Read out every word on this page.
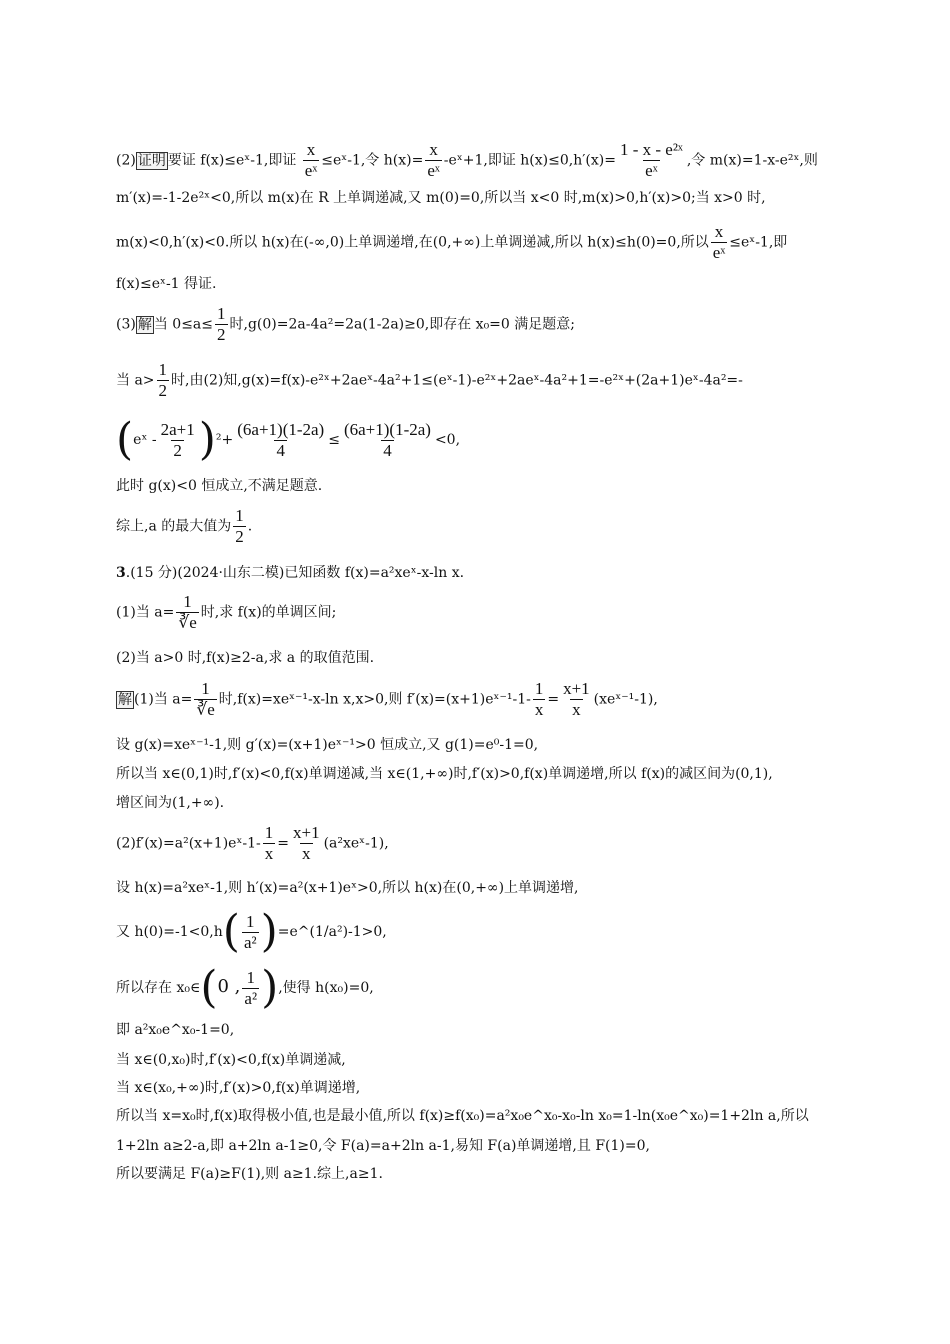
(2) 证明 要证 f(x)≤eˣ-1,即证 $\frac{x}{\text{eˣ}}$ ≤eˣ-1,令 $h(x)= \frac{x}{\text{eˣ}}$ -eˣ+1,即证 $h(x)\le 0,h'(x)= \frac{\text{1 - x - e²ˣ}}{\text{eˣ}}$ ,令 m(x)=1-x-e²ˣ,则
m′(x)=-1-2e²ˣ<0,所以 m(x)在 R 上单调递减,又 m(0)=0,所以当 x<0 时,m(x)>0,h′(x)>0;当 x>0 时,
m(x)<0,h′(x)<0.所以 h(x)在(-∞,0)上单调递增,在(0,+∞)上单调递减,所以 h(x)≤h(0)=0,所以 $\frac{x}{\text{eˣ}}$ ≤eˣ-1,即
f(x)≤eˣ-1 得证.
(3) 解 当 $0\le a\le \frac{1}{2}$ 时,g(0)=2a-4a²=2a(1-2a)≥0,即存在 x₀=0 满足题意;
当 $a> \frac{1}{2}$ 时,由(2)知,g(x)=f(x)-e²ˣ+2aeˣ-4a²+1≤(eˣ-1)-e²ˣ+2aeˣ-4a²+1=-e²ˣ+(2a+1)eˣ-4a²=-
(eˣ - $\frac{2a+1}{2} )^2+ \frac{(6a+1)(1-2a)}{4} \le \frac{(6a+1)(1-2a)}{4} <0$,
此时 g(x)<0 恒成立,不满足题意.
综上,a 的最大值为 $\frac{1}{2}$ .
3.(15 分)(2024·山东二模)已知函数 f(x)=a²xeˣ-x-ln x.
(1)当 $a= \frac{1}{∛e}$ 时,求 f(x)的单调区间;
(2)当 a>0 时,f(x)≥2-a,求 a 的取值范围.
解 (1)当 $a= \frac{1}{∛e}$ 时,f(x)=xeˣ⁻¹-x-ln x,x>0,则 f′(x)=(x+1)eˣ⁻¹-1- $\frac{1}{x} = \frac{x+1}{x}$ (xeˣ⁻¹-1),
设 g(x)=xeˣ⁻¹-1,则 g′(x)=(x+1)eˣ⁻¹>0 恒成立,又 g(1)=e⁰-1=0,
所以当 x∈(0,1)时,f′(x)<0,f(x)单调递减,当 x∈(1,+∞)时,f′(x)>0,f(x)单调递增,所以 f(x)的减区间为(0,1),
增区间为(1,+∞).
(2)f′(x)=a²(x+1)eˣ-1- $\frac{1}{x} = \frac{x+1}{x}$ (a²xeˣ-1),
设 h(x)=a²xeˣ-1,则 h′(x)=a²(x+1)eˣ>0,所以 h(x)在(0,+∞)上单调递增,
又 $h(0)=-1<0,h( \frac{1}{\text{a²}}$ )=e^(1/a²)-1>0,
所以存在 x₀∈(0 , $\frac{1}{\text{a²}}$ ),使得 h(x₀)=0,
即 a²x₀e^x₀-1=0,
当 x∈(0,x₀)时,f′(x)<0,f(x)单调递减,
当 x∈(x₀,+∞)时,f′(x)>0,f(x)单调递增,
所以当 x=x₀时,f(x)取得极小值,也是最小值,所以 f(x)≥f(x₀)=a²x₀e^x₀-x₀-ln x₀=1-ln(x₀e^x₀)=1+2ln a,所以
1+2ln a≥2-a,即 a+2ln a-1≥0,令 F(a)=a+2ln a-1,易知 F(a)单调递增,且 F(1)=0,
所以要满足 F(a)≥F(1),则 a≥1.综上,a≥1.
